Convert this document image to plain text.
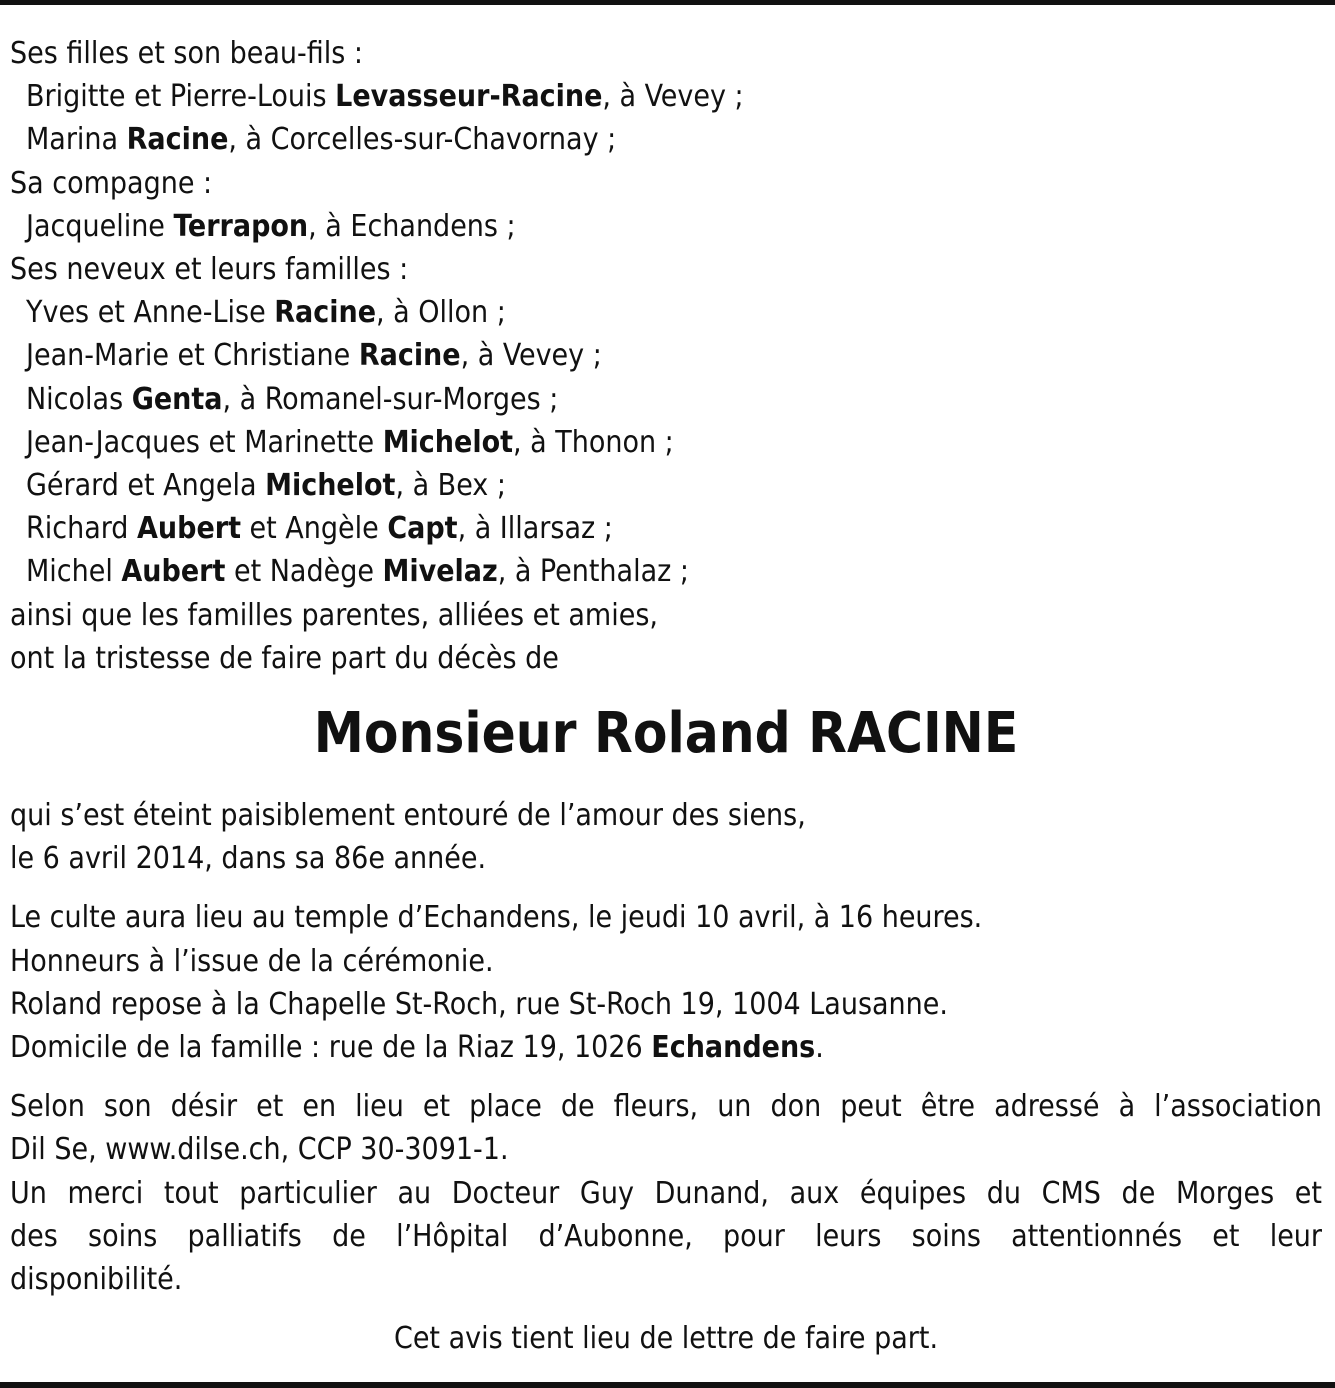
Ses filles et son beau-fils :
Brigitte et Pierre-Louis Levasseur-Racine, à Vevey ;
Marina Racine, à Corcelles-sur-Chavornay ;
Sa compagne :
Jacqueline Terrapon, à Echandens ;
Ses neveux et leurs familles :
Yves et Anne-Lise Racine, à Ollon ;
Jean-Marie et Christiane Racine, à Vevey ;
Nicolas Genta, à Romanel-sur-Morges ;
Jean-Jacques et Marinette Michelot, à Thonon ;
Gérard et Angela Michelot, à Bex ;
Richard Aubert et Angèle Capt, à Illarsaz ;
Michel Aubert et Nadège Mivelaz, à Penthalaz ;
ainsi que les familles parentes, alliées et amies,
ont la tristesse de faire part du décès de
Monsieur Roland RACINE
qui s’est éteint paisiblement entouré de l’amour des siens,
le 6 avril 2014, dans sa 86e année.
Le culte aura lieu au temple d’Echandens, le jeudi 10 avril, à 16 heures.
Honneurs à l’issue de la cérémonie.
Roland repose à la Chapelle St-Roch, rue St-Roch 19, 1004 Lausanne.
Domicile de la famille : rue de la Riaz 19, 1026 Echandens.
Selon son désir et en lieu et place de fleurs, un don peut être adressé à l’association
Dil Se, www.dilse.ch, CCP 30-3091-1.
Un merci tout particulier au Docteur Guy Dunand, aux équipes du CMS de Morges et
des soins palliatifs de l’Hôpital d’Aubonne, pour leurs soins attentionnés et leur
disponibilité.
Cet avis tient lieu de lettre de faire part.
